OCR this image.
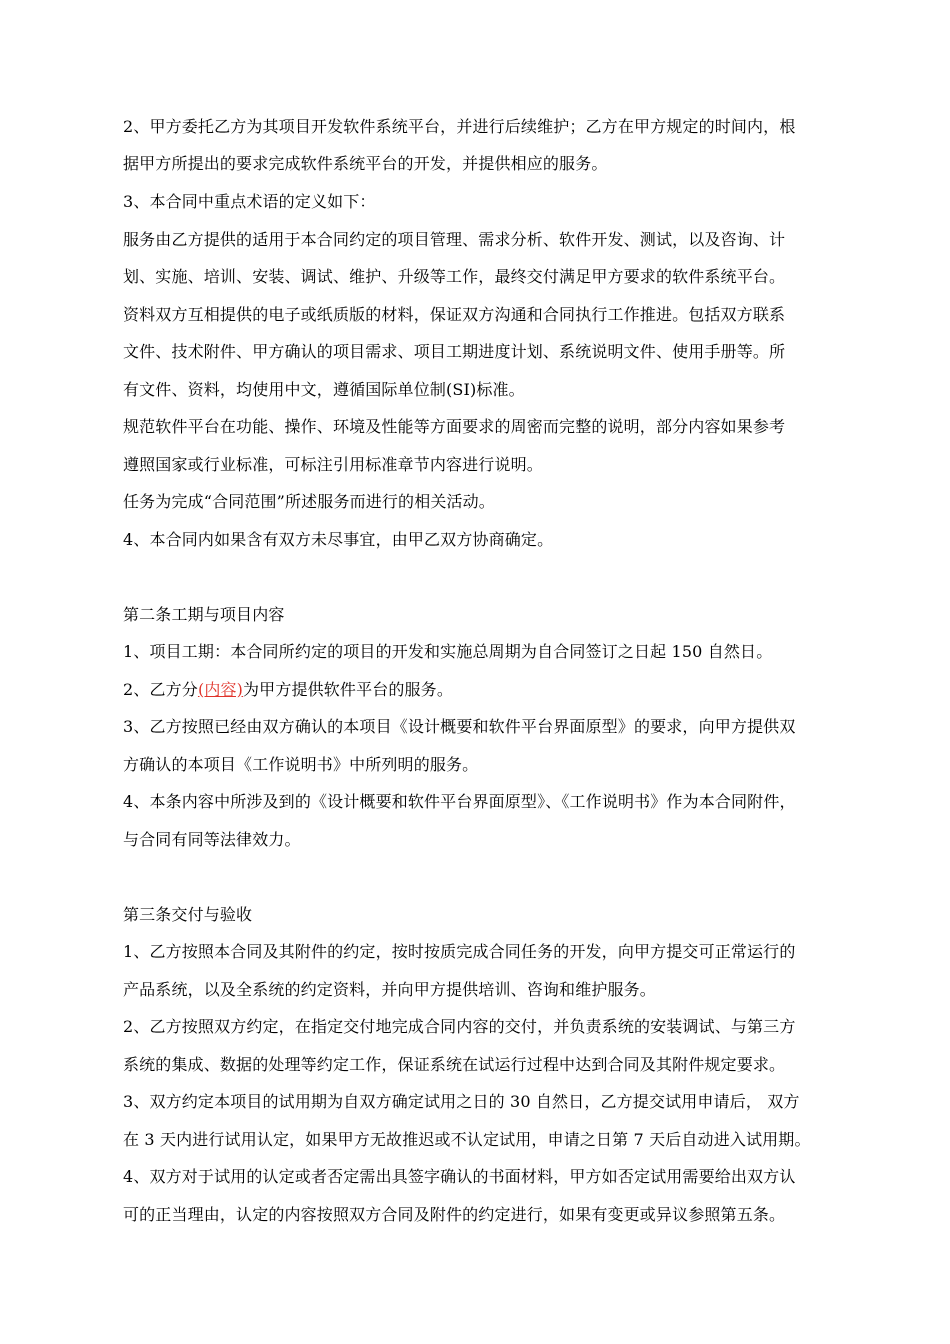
2、甲方委托乙方为其项目开发软件系统平台，并进行后续维护；乙方在甲方规定的时间内，根
据甲方所提出的要求完成软件系统平台的开发，并提供相应的服务。
3、本合同中重点术语的定义如下：
服务由乙方提供的适用于本合同约定的项目管理、需求分析、软件开发、测试，以及咨询、计
划、实施、培训、安装、调试、维护、升级等工作，最终交付满足甲方要求的软件系统平台。
资料双方互相提供的电子或纸质版的材料，保证双方沟通和合同执行工作推进。包括双方联系
文件、技术附件、甲方确认的项目需求、项目工期进度计划、系统说明文件、使用手册等。所
有文件、资料，均使用中文，遵循国际单位制(SI)标准。
规范软件平台在功能、操作、环境及性能等方面要求的周密而完整的说明，部分内容如果参考
遵照国家或行业标准，可标注引用标准章节内容进行说明。
任务为完成“合同范围”所述服务而进行的相关活动。
4、本合同内如果含有双方未尽事宜，由甲乙双方协商确定。
第二条工期与项目内容
1、项目工期：本合同所约定的项目的开发和实施总周期为自合同签订之日起 150 自然日。
2、乙方分(内容)为甲方提供软件平台的服务。
3、乙方按照已经由双方确认的本项目《设计概要和软件平台界面原型》的要求，向甲方提供双
方确认的本项目《工作说明书》中所列明的服务。
4、本条内容中所涉及到的《设计概要和软件平台界面原型》、《工作说明书》作为本合同附件，
与合同有同等法律效力。
第三条交付与验收
1、乙方按照本合同及其附件的约定，按时按质完成合同任务的开发，向甲方提交可正常运行的
产品系统，以及全系统的约定资料，并向甲方提供培训、咨询和维护服务。
2、乙方按照双方约定，在指定交付地完成合同内容的交付，并负责系统的安装调试、与第三方
系统的集成、数据的处理等约定工作，保证系统在试运行过程中达到合同及其附件规定要求。
3、双方约定本项目的试用期为自双方确定试用之日的 30 自然日，乙方提交试用申请后， 双方
在 3 天内进行试用认定，如果甲方无故推迟或不认定试用，申请之日第 7 天后自动进入试用期。
4、双方对于试用的认定或者否定需出具签字确认的书面材料，甲方如否定试用需要给出双方认
可的正当理由，认定的内容按照双方合同及附件的约定进行，如果有变更或异议参照第五条。
